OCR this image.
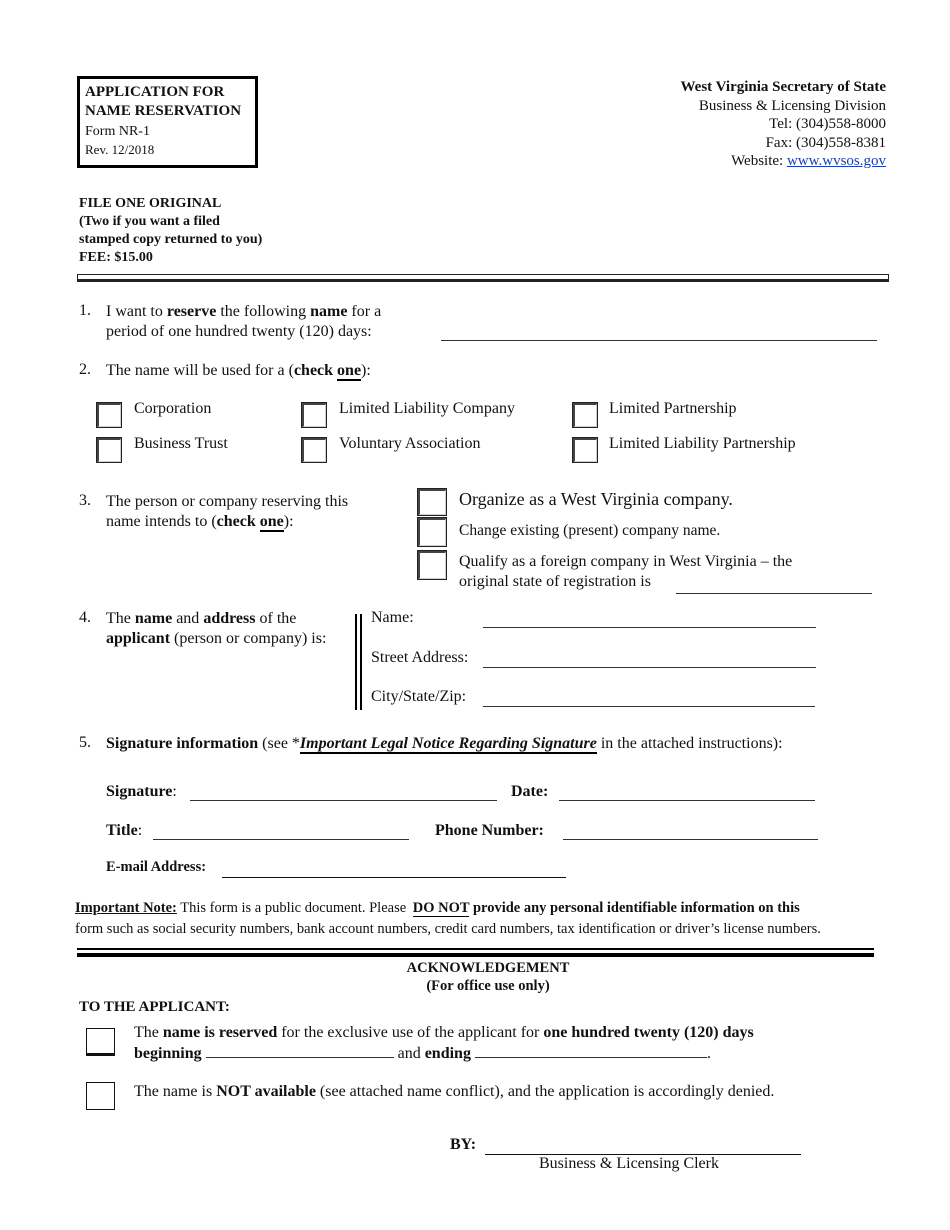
APPLICATION FOR
NAME RESERVATION
Form NR-1
Rev. 12/2018
West Virginia Secretary of State
Business & Licensing Division
Tel: (304)558-8000
Fax: (304)558-8381
Website: www.wvsos.gov
FILE ONE ORIGINAL
(Two if you want a filed
stamped copy returned to you)
FEE: $15.00
1. I want to reserve the following name for a
period of one hundred twenty (120) days:
2. The name will be used for a (check one):
Corporation	Limited Liability Company	Limited Partnership
Business Trust	Voluntary Association	Limited Liability Partnership
3. The person or company reserving this
name intends to (check one):
Organize as a West Virginia company.
Change existing (present) company name.
Qualify as a foreign company in West Virginia – the
original state of registration is
4. The name and address of the
applicant (person or company) is:
Name:
Street Address:
City/State/Zip:
5. Signature information (see *Important Legal Notice Regarding Signature in the attached instructions):
Signature:	Date:
Title:	Phone Number:
E-mail Address:
Important Note: This form is a public document. Please DO NOT provide any personal identifiable information on this
form such as social security numbers, bank account numbers, credit card numbers, tax identification or driver’s license numbers.
ACKNOWLEDGEMENT
(For office use only)
TO THE APPLICANT:
The name is reserved for the exclusive use of the applicant for one hundred twenty (120) days
beginning	and ending	.
The name is NOT available (see attached name conflict), and the application is accordingly denied.
BY:
Business & Licensing Clerk
